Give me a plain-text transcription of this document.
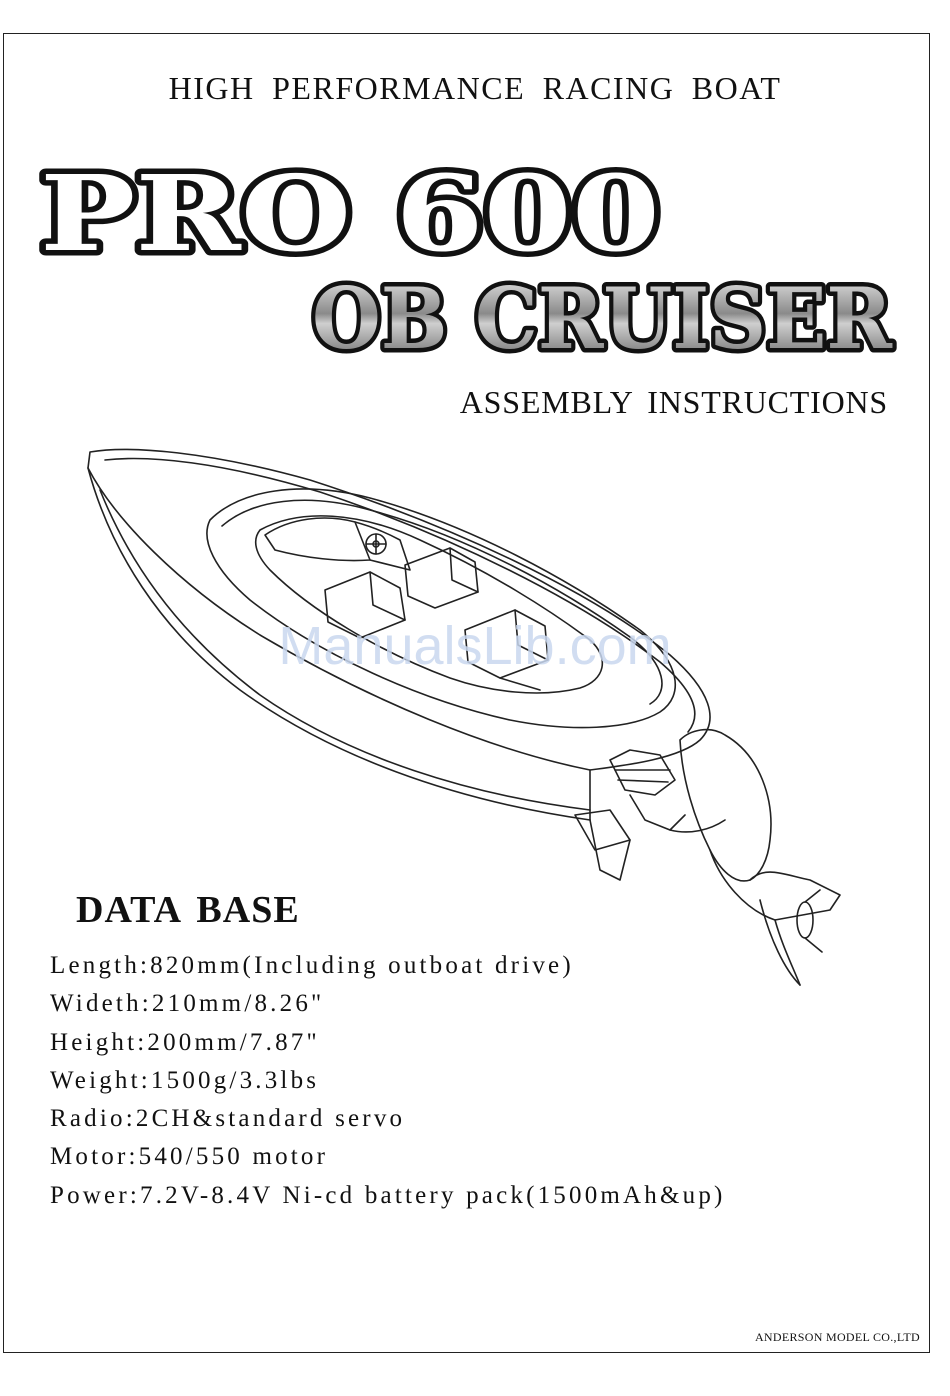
HIGH PERFORMANCE RACING BOAT
PRO 600
OB CRUISER
ASSEMBLY INSTRUCTIONS
ManualsLib.com
DATA BASE
Length:820mm(Including outboat drive)
Wideth:210mm/8.26"
Height:200mm/7.87"
Weight:1500g/3.3lbs
Radio:2CH&standard servo
Motor:540/550 motor
Power:7.2V-8.4V Ni-cd battery pack(1500mAh&up)
ANDERSON MODEL CO.,LTD
